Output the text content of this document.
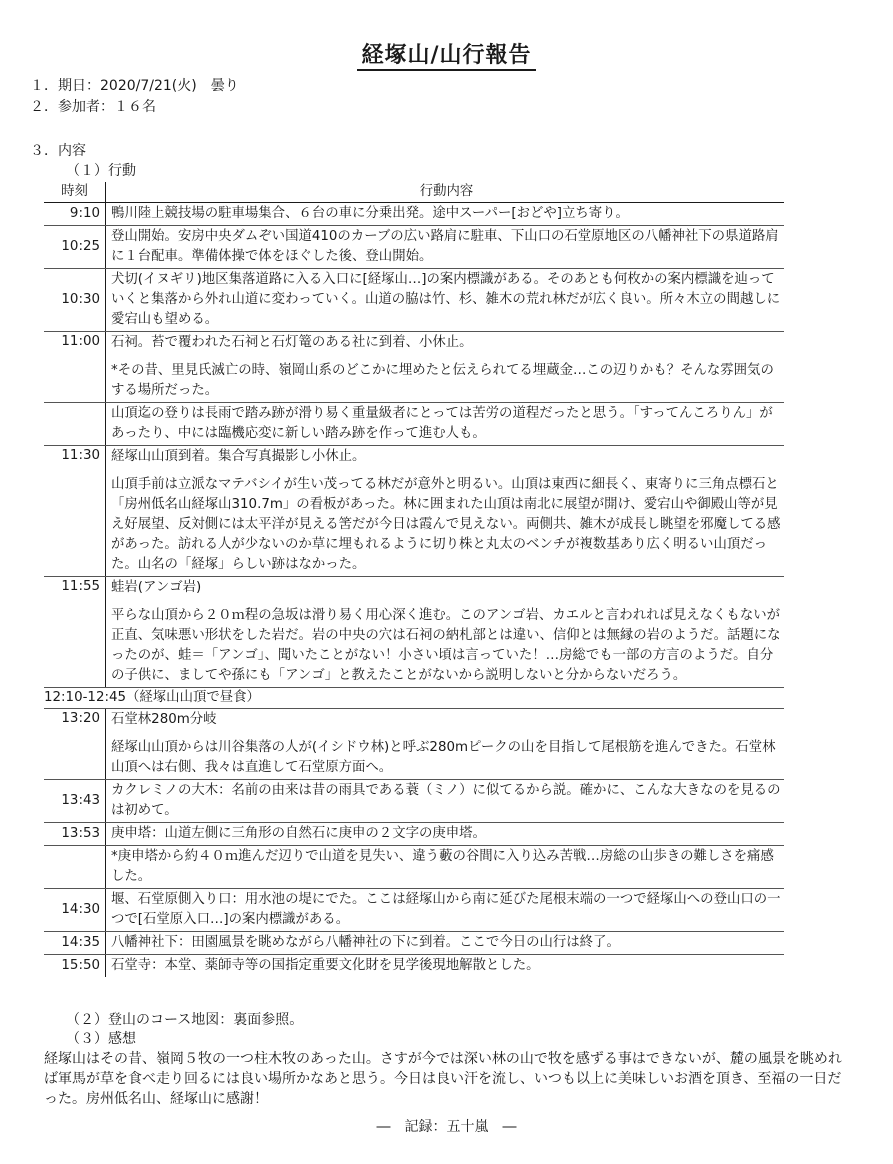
経塚山/山行報告
１．期日：2020/7/21(火)　曇り
２．参加者：１６名
３．内容
（１）行動
時刻	行動内容
9:10	鴨川陸上競技場の駐車場集合、６台の車に分乗出発。途中スーパー[おどや]立ち寄り。

10:25	登山開始。安房中央ダムぞい国道410のカーブの広い路肩に駐車、下山口の石堂原地区の八幡神社下の県道路肩に１台配車。準備体操で体をほぐした後、登山開始。

10:30	犬切(イヌギリ)地区集落道路に入る入口に[経塚山…]の案内標識がある。そのあとも何枚かの案内標識を辿っていくと集落から外れ山道に変わっていく。山道の脇は竹、杉、雑木の荒れ林だが広く良い。所々木立の間越しに愛宕山も望める。

11:00	石祠。苔で覆われた石祠と石灯篭のある社に到着、小休止。
*その昔、里見氏滅亡の時、嶺岡山系のどこかに埋めたと伝えられてる埋蔵金…この辺りかも？そんな雰囲気のする場所だった。

	山頂迄の登りは長雨で踏み跡が滑り易く重量級者にとっては苦労の道程だったと思う。「すってんころりん」があったり、中には臨機応変に新しい踏み跡を作って進む人も。

11:30	経塚山山頂到着。集合写真撮影し小休止。
山頂手前は立派なマテバシイが生い茂ってる林だが意外と明るい。山頂は東西に細長く、東寄りに三角点標石と「房州低名山経塚山310.7m」の看板があった。林に囲まれた山頂は南北に展望が開け、愛宕山や御殿山等が見え好展望、反対側には太平洋が見える筈だが今日は霞んで見えない。両側共、雑木が成長し眺望を邪魔してる感があった。訪れる人が少ないのか草に埋もれるように切り株と丸太のベンチが複数基あり広く明るい山頂だった。山名の「経塚」らしい跡はなかった。

11:55	蛙岩(アンゴ岩)
平らな山頂から２０ｍ程の急坂は滑り易く用心深く進む。このアンゴ岩、カエルと言われれば見えなくもないが正直、気味悪い形状をした岩だ。岩の中央の穴は石祠の納札部とは違い、信仰とは無縁の岩のようだ。話題になったのが、蛙＝「アンゴ」、聞いたことがない！小さい頃は言っていた！…房総でも一部の方言のようだ。自分の子供に、ましてや孫にも「アンゴ」と教えたことがないから説明しないと分からないだろう。

12:10-12:45（経塚山山頂で昼食）	
13:20	石堂林280m分岐
経塚山山頂からは川谷集落の人が(イシドウ林)と呼ぶ280mピークの山を目指して尾根筋を進んできた。石堂林山頂へは右側、我々は直進して石堂原方面へ。

13:43	カクレミノの大木：名前の由来は昔の雨具である蓑（ミノ）に似てるから説。確かに、こんな大きなのを見るのは初めて。

13:53	庚申塔：山道左側に三角形の自然石に庚申の２文字の庚申塔。

	*庚申塔から約４０ｍ進んだ辺りで山道を見失い、違う藪の谷間に入り込み苦戦…房総の山歩きの難しさを痛感した。

14:30	堰、石堂原側入り口：用水池の堤にでた。ここは経塚山から南に延びた尾根末端の一つで経塚山への登山口の一つで[石堂原入口…]の案内標識がある。

14:35	八幡神社下：田園風景を眺めながら八幡神社の下に到着。ここで今日の山行は終了。

15:50	石堂寺：本堂、薬師寺等の国指定重要文化財を見学後現地解散とした。
（２）登山のコース地図：裏面参照。
（３）感想
経塚山はその昔、嶺岡５牧の一つ柱木牧のあった山。さすが今では深い林の山で牧を感ずる事はできないが、麓の風景を眺めれば軍馬が草を食べ走り回るには良い場所かなあと思う。今日は良い汗を流し、いつも以上に美味しいお酒を頂き、至福の一日だった。房州低名山、経塚山に感謝！
―　記録：五十嵐　―
